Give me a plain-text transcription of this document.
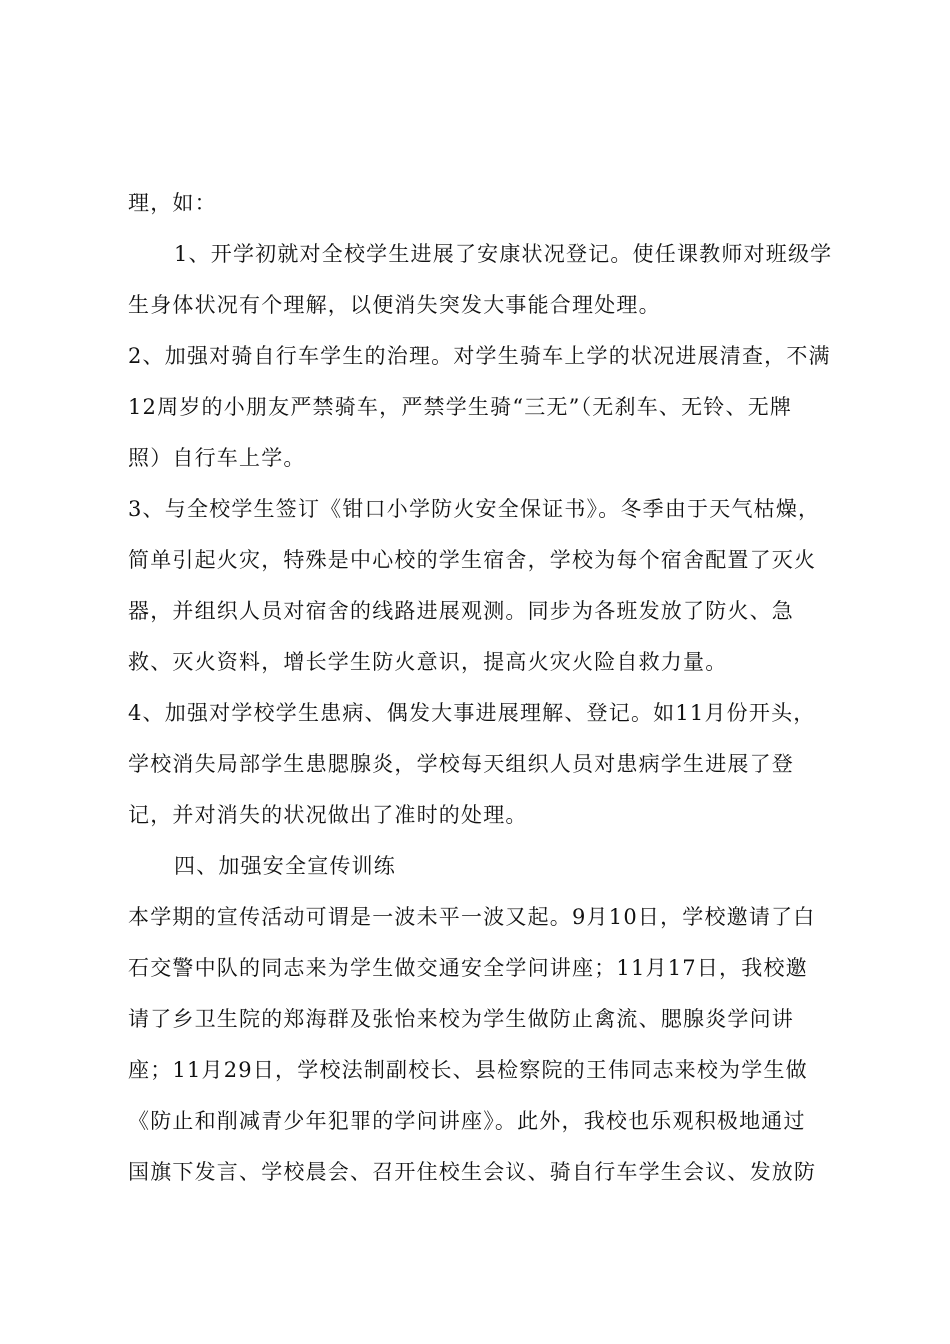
理，如：
1、开学初就对全校学生进展了安康状况登记。使任课教师对班级学
生身体状况有个理解，以便消失突发大事能合理处理。
2、加强对骑自行车学生的治理。对学生骑车上学的状况进展清查，不满
12周岁的小朋友严禁骑车，严禁学生骑“三无”（无刹车、无铃、无牌
照）自行车上学。
3、与全校学生签订《钳口小学防火安全保证书》。冬季由于天气枯燥，
简单引起火灾，特殊是中心校的学生宿舍，学校为每个宿舍配置了灭火
器，并组织人员对宿舍的线路进展观测。同步为各班发放了防火、急
救、灭火资料，增长学生防火意识，提高火灾火险自救力量。
4、加强对学校学生患病、偶发大事进展理解、登记。如11月份开头，
学校消失局部学生患腮腺炎，学校每天组织人员对患病学生进展了登
记，并对消失的状况做出了准时的处理。
四、加强安全宣传训练
本学期的宣传活动可谓是一波未平一波又起。9月10日，学校邀请了白
石交警中队的同志来为学生做交通安全学问讲座；11月17日，我校邀
请了乡卫生院的郑海群及张怡来校为学生做防止禽流、腮腺炎学问讲
座；11月29日，学校法制副校长、县检察院的王伟同志来校为学生做
《防止和削减青少年犯罪的学问讲座》。此外，我校也乐观积极地通过
国旗下发言、学校晨会、召开住校生会议、骑自行车学生会议、发放防
